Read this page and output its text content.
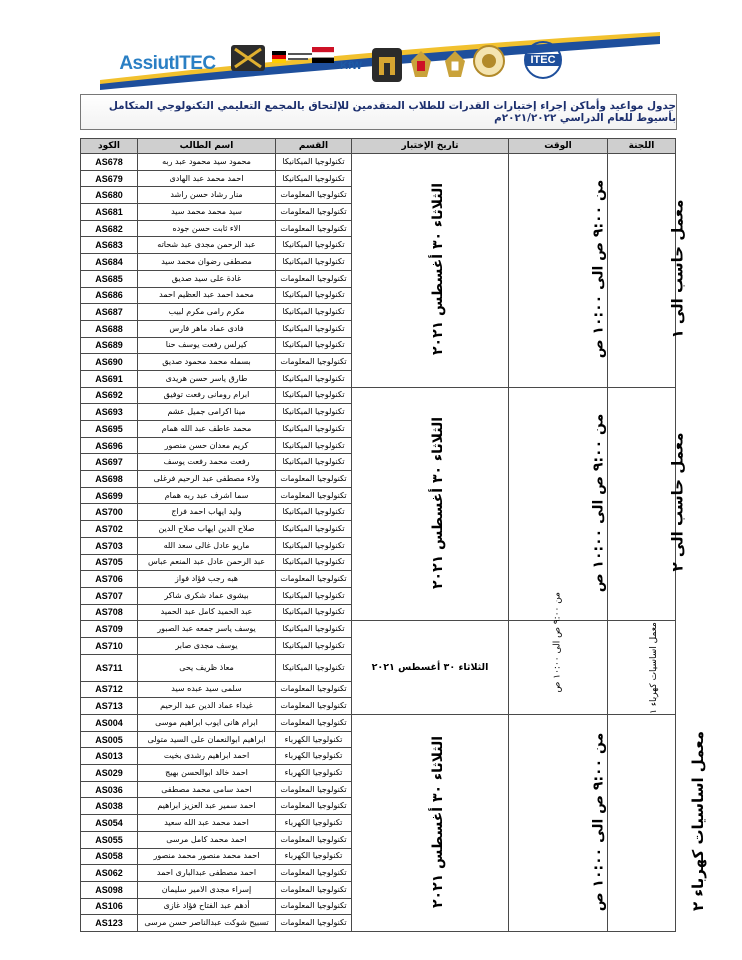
AssiutITEC	KfW	ITEC
جدول مواعيد وأماكن إجراء إختبارات القدرات للطلاب المتقدمين للإلتحاق بالمجمع التعليمي التكنولوجي المتكامل بأسيوط للعام الدراسي ٢٠٢١/٢٠٢٢م
الكود	اسم الطالب	القسم	تاريخ الإختبار	الوقت	اللجنة
AS678	محمود سيد محمود عبد ربه	تكنولوجيا الميكانيكا	الثلاثاء ٣٠ أغسطس ٢٠٢١	من ٩:٠٠ ص الى ١٠:٠٠ ص	معمل حاسب الى ١
AS679	احمد محمد عبد الهادى	تكنولوجيا الميكانيكا			
AS680	منار رشاد حسن راشد	تكنولوجيا المعلومات			
AS681	سيد محمد محمد سيد	تكنولوجيا المعلومات			
AS682	الاء ثابت حسن جوده	تكنولوجيا المعلومات			
AS683	عبد الرحمن مجدى عبد شحاته	تكنولوجيا الميكانيكا			
AS684	مصطفى رضوان محمد سيد	تكنولوجيا الميكانيكا			
AS685	غادة على سيد صديق	تكنولوجيا المعلومات			
AS686	محمد احمد عبد العظيم احمد	تكنولوجيا الميكانيكا			
AS687	مكرم رامى مكرم لبيب	تكنولوجيا الميكانيكا			
AS688	فادى عماد ماهر فارس	تكنولوجيا الميكانيكا			
AS689	كيرلس رفعت يوسف حنا	تكنولوجيا الميكانيكا			
AS690	بسمله محمد محمود صديق	تكنولوجيا المعلومات			
AS691	طارق ياسر حسن هريدى	تكنولوجيا الميكانيكا			
AS692	ابرام رومانى رفعت توفيق	تكنولوجيا الميكانيكا	الثلاثاء ٣٠ أغسطس ٢٠٢١	من ٩:٠٠ ص الى ١٠:٠٠ ص	معمل حاسب الى ٢
AS693	مينا اكرامى جميل عشم	تكنولوجيا الميكانيكا			
AS695	محمد عاطف عبد الله همام	تكنولوجيا الميكانيكا			
AS696	كريم معدان حسن منصور	تكنولوجيا الميكانيكا			
AS697	رفعت محمد رفعت يوسف	تكنولوجيا الميكانيكا			
AS698	ولاء مصطفى عبد الرحيم فرغلى	تكنولوجيا المعلومات			
AS699	سما اشرف عبد ربه همام	تكنولوجيا المعلومات			
AS700	وليد ايهاب احمد فراج	تكنولوجيا الميكانيكا			
AS702	صلاح الدين ايهاب صلاح الدين	تكنولوجيا الميكانيكا			
AS703	ماريو عادل غالى سعد الله	تكنولوجيا الميكانيكا			
AS705	عبد الرحمن عادل عبد المنعم عباس	تكنولوجيا الميكانيكا			
AS706	هبه رجب فؤاد فواز	تكنولوجيا المعلومات			
AS707	بيشوى عماد شكرى شاكر	تكنولوجيا الميكانيكا			
AS708	عبد الحميد كامل عبد الحميد	تكنولوجيا الميكانيكا			
AS709	يوسف ياسر جمعه عبد الصبور	تكنولوجيا الميكانيكا	الثلاثاء ٣٠ أغسطس ٢٠٢١	ص الى ١٠:٠٠ ص	معمل اساسيات كهرباء ١
AS710	يوسف مجدى صابر	تكنولوجيا الميكانيكا			
AS711	معاذ ظريف يحى	تكنولوجيا الميكانيكا			
AS712	سلمى سيد عبده سيد	تكنولوجيا المعلومات			
AS713	غيداء عماد الدين عبد الرحيم	تكنولوجيا المعلومات			
AS004	ابرام هانى ايوب ابراهيم موسى	تكنولوجيا المعلومات	الثلاثاء ٣٠ أغسطس ٢٠٢١	من ٩:٠٠ ص الى ١٠:٠٠ ص	معمل اساسيات كهرباء ٢
AS005	ابراهيم ابوالنعمان على السيد متولى	تكنولوجيا الكهرباء			
AS013	احمد ابراهيم رشدى بخيت	تكنولوجيا الكهرباء			
AS029	احمد خالد ابوالحسن بهيج	تكنولوجيا الكهرباء			
AS036	احمد سامى محمد مصطفى	تكنولوجيا المعلومات			
AS038	احمد سمير عبد العزيز ابراهيم	تكنولوجيا المعلومات			
AS054	احمد محمد عبد الله سعيد	تكنولوجيا الكهرباء			
AS055	احمد محمد كامل مرسى	تكنولوجيا المعلومات			
AS058	احمد محمد منصور محمد منصور	تكنولوجيا الكهرباء			
AS062	احمد مصطفى عبدالبارى احمد	تكنولوجيا المعلومات			
AS098	إسراء مجدى الامير سليمان	تكنولوجيا المعلومات			
AS106	أدهم عبد الفتاح فؤاد غازى	تكنولوجيا المعلومات			
AS123	تسبيح شوكت عبدالناصر حسن مرسى	تكنولوجيا المعلومات			
